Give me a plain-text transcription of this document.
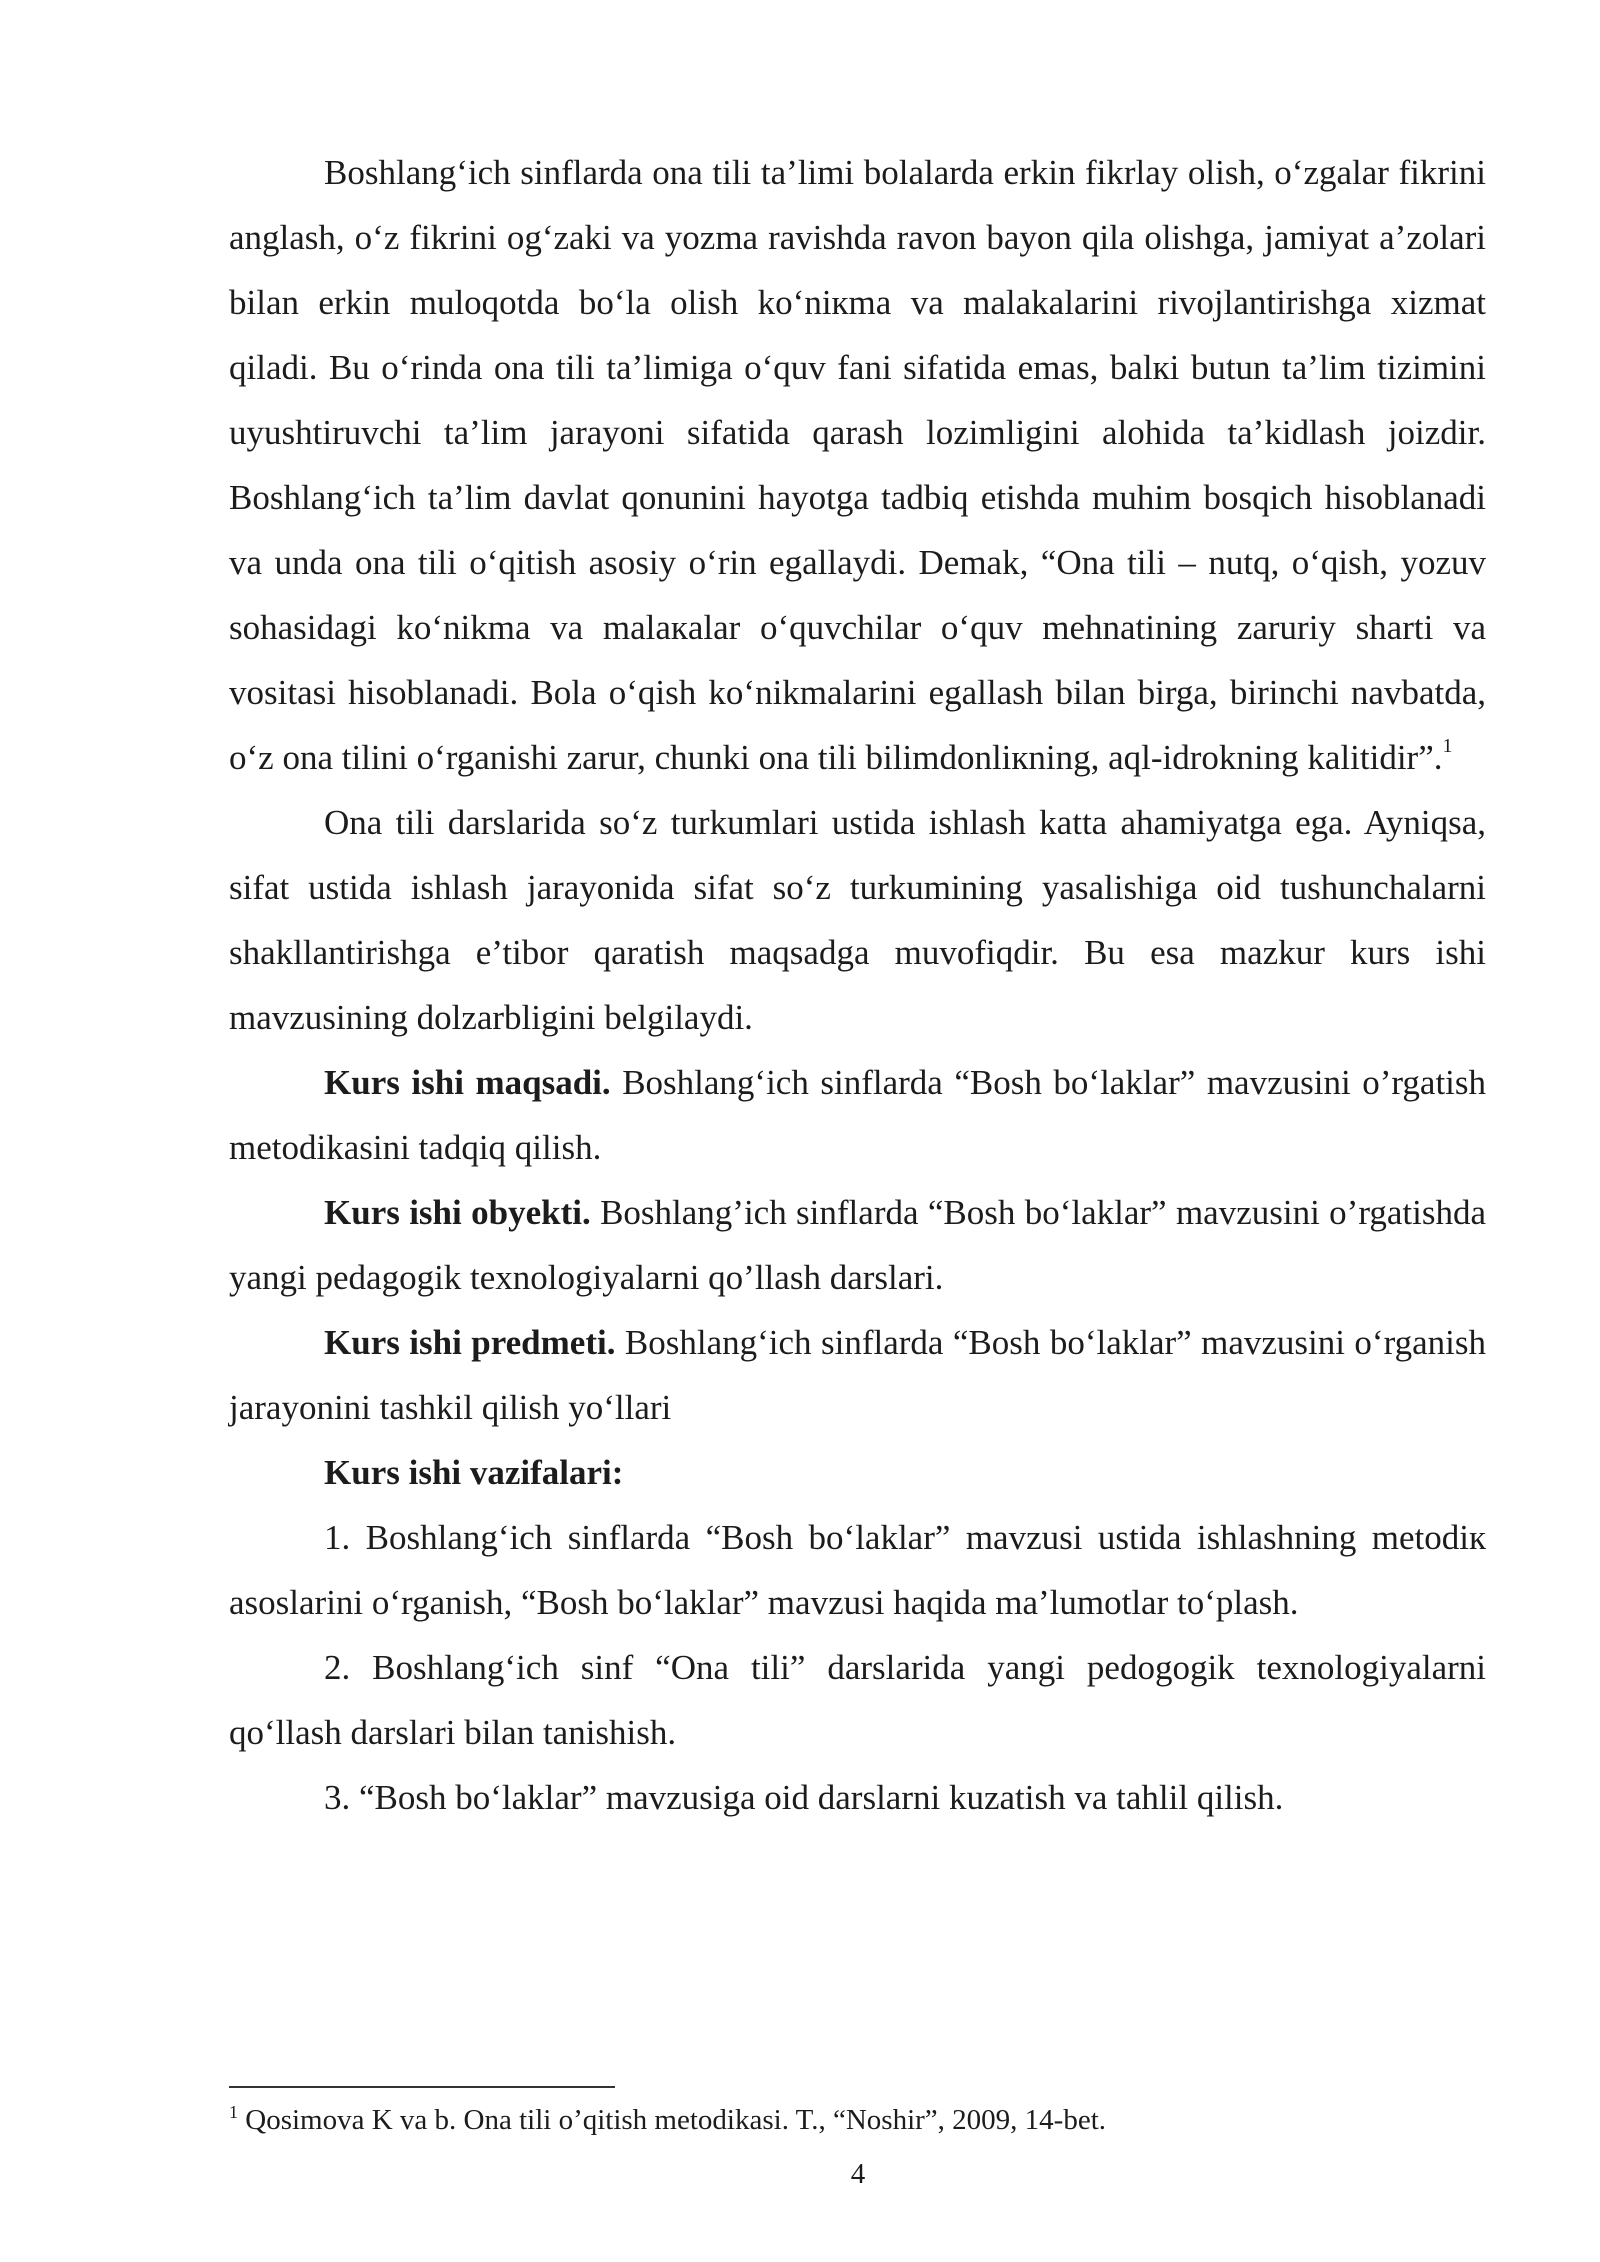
Boshlang‘ich sinflarda ona tili ta’limi bolalarda erkin fikrlay olish, o‘zgalar fikrini anglash, o‘z fikrini og‘zaki va yozma ravishda ravon bayon qila olishga, jamiyat a’zolari bilan erkin muloqotda bo‘la olish ko‘nікma va malakalarini rivojlantirishga xizmat qiladi. Bu o‘rinda ona tili ta’limiga o‘quv fani sifatida emas, balкi butun ta’lim tizimini uyushtiruvchi ta’lim jarayoni sifatida qarash lozimligini alohida ta’kidlash joizdir. Boshlang‘ich ta’lim davlat qonunini hayotga tadbiq etishda muhim bosqich hisoblanadi va unda ona tili o‘qitish asosiy o‘rin egallaydi. Demak, “Ona tili – nutq, o‘qish, yozuv sohasidagi ko‘nikma va malaкalar o‘quvchilar o‘quv mehnatining zaruriy sharti va vositasi hisoblanadi. Bola o‘qish ko‘nikmalarini egallash bilan birga, birinchi navbatda, o‘z ona tilini o‘rganishi zarur, chunki ona tili bilimdonliкning, aql-idrokning kalitidir”.$^1$

Ona tili darslarida so‘z turkumlari ustida ishlash katta ahamiyatga ega. Ayniqsa, sifat ustida ishlash jarayonida sifat so‘z turkumining yasalishiga oid tushunchalarni shakllantirishga e’tibor qaratish maqsadga muvofiqdir. Bu esa mazkur kurs ishi mavzusining dolzarbligini belgilaydi.

Kurs ishi maqsadi. Boshlang‘ich sinflarda “Bosh bo‘laklar” mavzusini o’rgatish metodikasini tadqiq qilish.

Kurs ishi obyekti. Boshlang’ich sinflarda “Bosh bo‘laklar” mavzusini o’rgatishda yangi pedagogik texnologiyalarni qo’llash darslari.

Kurs ishi predmeti. Boshlang‘ich sinflarda “Bosh bo‘laklar” mavzusini o‘rganish jarayonini tashkil qilish yo‘llari

Kurs ishi vazifalari:

1. Boshlang‘ich sinflarda “Bosh bo‘laklar” mavzusi ustida ishlashning metodiк asoslarini o‘rganish, “Bosh bo‘laklar” mavzusi haqida ma’lumotlar to‘plash.

2. Boshlang‘ich sinf “Ona tili” darslarida yangi pedogogik texnologiyalarni qo‘llash darslari bilan tanishish.

3. “Bosh bo‘laklar” mavzusiga oid darslarni kuzatish va tahlil qilish.

$^1$ Qosimova K va b. Ona tili o’qitish metodikasi. T., “Noshir”, 2009, 14-bet.
4
